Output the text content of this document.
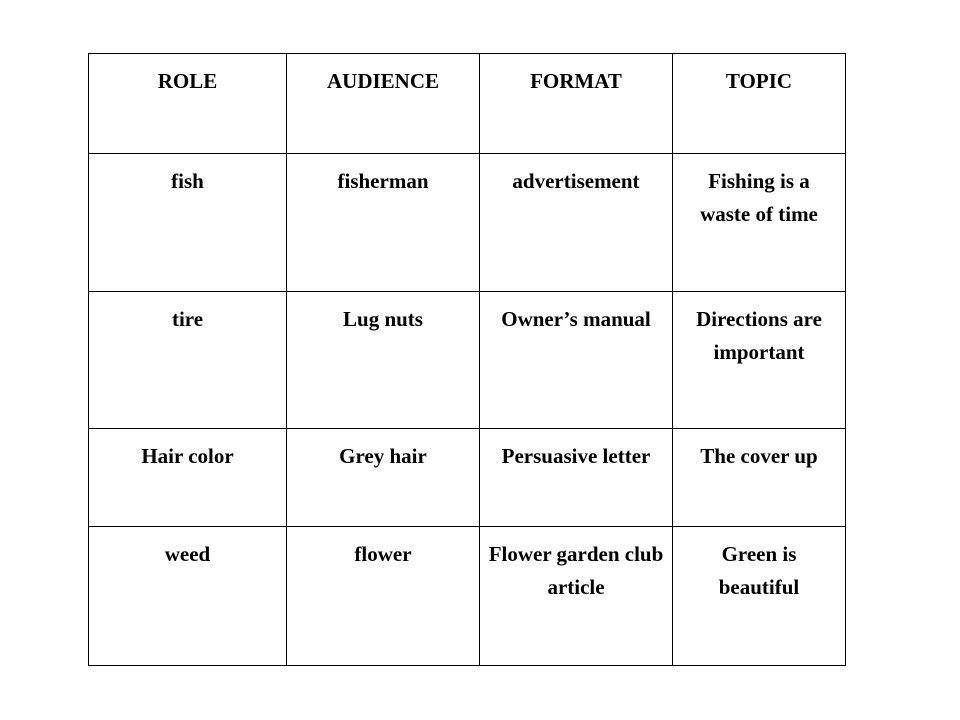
ROLE	AUDIENCE	FORMAT	TOPIC
fish	fisherman	advertisement	Fishing is a waste of time
tire	Lug nuts	Owner’s manual	Directions are important
Hair color	Grey hair	Persuasive letter	The cover up
weed	flower	Flower garden club article	Green is beautiful
